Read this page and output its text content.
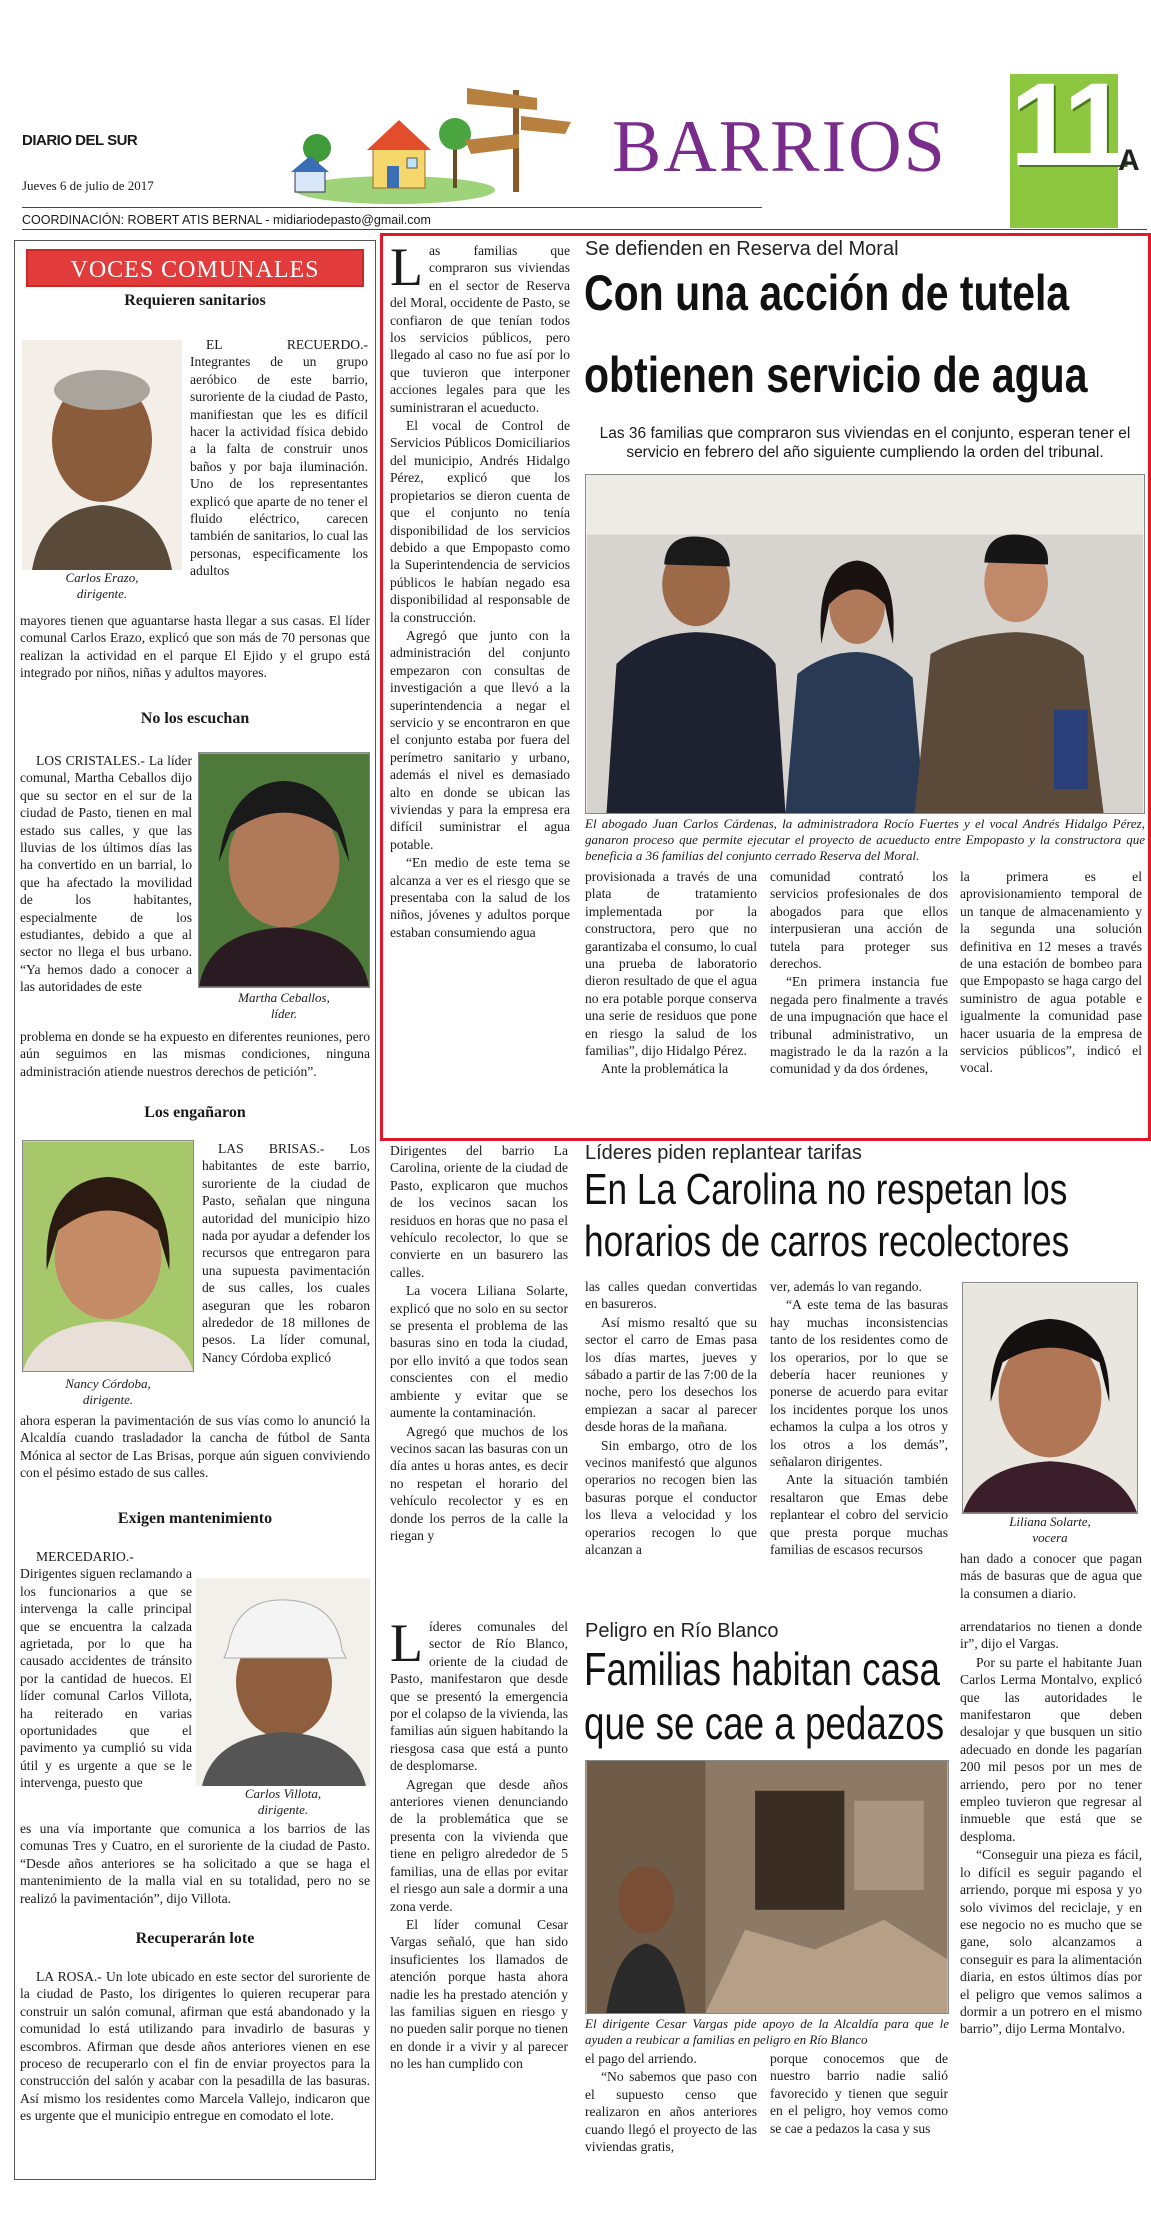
DIARIO DEL SUR
Jueves 6 de julio de 2017
COORDINACIÓN: ROBERT ATIS BERNAL - midiariodepasto@gmail.com
BARRIOS 11
A
VOCES COMUNALES
Requieren sanitarios
Carlos Erazo,
dirigente.

EL RECUERDO.- Integrantes de un grupo aeróbico de este barrio, suroriente de la ciudad de Pasto, manifiestan que les es difícil hacer la actividad física debido a la falta de construir unos baños y por baja iluminación. Uno de los representantes explicó que aparte de no tener el fluido eléctrico, carecen también de sanitarios, lo cual las personas, especificamente los adultos

mayores tienen que aguantarse hasta llegar a sus casas. El líder comunal Carlos Erazo, explicó que son más de 70 personas que realizan la actividad en el parque El Ejido y el grupo está integrado por niños, niñas y adultos mayores.

No los escuchan

LOS CRISTALES.- La líder comunal, Martha Ceballos dijo que su sector en el sur de la ciudad de Pasto, tienen en mal estado sus calles, y que las lluvias de los últimos días las ha convertido en un barrial, lo que ha afectado la movilidad de los habitantes, especialmente de los estudiantes, debido a que al sector no llega el bus urbano. “Ya hemos dado a conocer a las autoridades de este

Martha Ceballos,
líder.

problema en donde se ha expuesto en diferentes reuniones, pero aún seguimos en las mismas condiciones, ninguna administración atiende nuestros derechos de petición”.

Los engañaron
Nancy Córdoba,
dirigente.

LAS BRISAS.- Los habitantes de este barrio, suroriente de la ciudad de Pasto, señalan que ninguna autoridad del municipio hizo nada por ayudar a defender los recursos que entregaron para una supuesta pavimentación de sus calles, los cuales aseguran que les robaron alrededor de 18 millones de pesos. La líder comunal, Nancy Córdoba explicó

ahora esperan la pavimentación de sus vías como lo anunció la Alcaldía cuando trasladador la cancha de fútbol de Santa Mónica al sector de Las Brisas, porque aún siguen conviviendo con el pésimo estado de sus calles.

Exigen mantenimiento

MERCEDARIO.- Dirigentes siguen reclamando a los funcionarios a que se intervenga la calle principal que se encuentra la calzada agrietada, por lo que ha causado accidentes de tránsito por la cantidad de huecos. El líder comunal Carlos Villota, ha reiterado en varias oportunidades que el pavimento ya cumplió su vida útil y es urgente a que se le intervenga, puesto que

Carlos Villota,
dirigente.

es una vía importante que comunica a los barrios de las comunas Tres y Cuatro, en el suroriente de la ciudad de Pasto. “Desde años anteriores se ha solicitado a que se haga el mantenimiento de la malla vial en su totalidad, pero no se realizó la pavimentación”, dijo Villota.

Recuperarán lote

LA ROSA.- Un lote ubicado en este sector del suroriente de la ciudad de Pasto, los dirigentes lo quieren recuperar para construir un salón comunal, afirman que está abandonado y la comunidad lo está utilizando para invadirlo de basuras y escombros. Afirman que desde años anteriores vienen en ese proceso de recuperarlo con el fin de enviar proyectos para la construcción del salón y acabar con la pesadilla de las basuras. Así mismo los residentes como Marcela Vallejo, indicaron que es urgente que el municipio entregue en comodato el lote.

Las familias que compraron sus viviendas en el sector de Reserva del Moral, occidente de Pasto, se confiaron de que tenían todos los servicios públicos, pero llegado al caso no fue así por lo que tuvieron que interponer acciones legales para que les suministraran el acueducto.

El vocal de Control de Servicios Públicos Domiciliarios del municipio, Andrés Hidalgo Pérez, explicó que los propietarios se dieron cuenta de que el conjunto no tenía disponibilidad de los servicios debido a que Empopasto como la Superintendencia de servicios públicos le habían negado esa disponibilidad al responsable de la construcción.

Agregó que junto con la administración del conjunto empezaron con consultas de investigación a que llevó a la superintendencia a negar el servicio y se encontraron en que el conjunto estaba por fuera del perímetro sanitario y urbano, además el nivel es demasiado alto en donde se ubican las viviendas y para la empresa era difícil suministrar el agua potable.

“En medio de este tema se alcanza a ver es el riesgo que se presentaba con la salud de los niños, jóvenes y adultos porque estaban consumiendo agua

Se defienden en Reserva del Moral
Con una acción de tutela
obtienen servicio de agua
Las 36 familias que compraron sus viviendas en el conjunto, esperan tener el servicio en febrero del año siguiente cumpliendo la orden del tribunal.
El abogado Juan Carlos Cárdenas, la administradora Rocío Fuertes y el vocal Andrés Hidalgo Pérez, ganaron proceso que permite ejecutar el proyecto de acueducto entre Empopasto y la constructora que beneficia a 36 familias del conjunto cerrado Reserva del Moral.

provisionada a través de una plata de tratamiento implementada por la constructora, pero que no garantizaba el consumo, lo cual una prueba de laboratorio dieron resultado de que el agua no era potable porque conserva una serie de residuos que pone en riesgo la salud de los familias”, dijo Hidalgo Pérez.

Ante la problemática la

comunidad contrató los servicios profesionales de dos abogados para que ellos interpusieran una acción de tutela para proteger sus derechos.

“En primera instancia fue negada pero finalmente a través de una impugnación que hace el tribunal administrativo, un magistrado le da la razón a la comunidad y da dos órdenes,

la primera es el aprovisionamiento temporal de un tanque de almacenamiento y la segunda una solución definitiva en 12 meses a través de una estación de bombeo para que Empopasto se haga cargo del suministro de agua potable e igualmente la comunidad pase hacer usuaria de la empresa de servicios públicos”, indicó el vocal.

Dirigentes del barrio La Carolina, oriente de la ciudad de Pasto, explicaron que muchos de los vecinos sacan los residuos en horas que no pasa el vehículo recolector, lo que se convierte en un basurero las calles.

La vocera Liliana Solarte, explicó que no solo en su sector se presenta el problema de las basuras sino en toda la ciudad, por ello invitó a que todos sean conscientes con el medio ambiente y evitar que se aumente la contaminación.

Agregó que muchos de los vecinos sacan las basuras con un día antes u horas antes, es decir no respetan el horario del vehículo recolector y es en donde los perros de la calle la riegan y

Líderes piden replantear tarifas
En La Carolina no respetan los
horarios de carros recolectores

las calles quedan convertidas en basureros.

Así mismo resaltó que su sector el carro de Emas pasa los días martes, jueves y sábado a partir de las 7:00 de la noche, pero los desechos los empiezan a sacar al parecer desde horas de la mañana.

Sin embargo, otro de los vecinos manifestó que algunos operarios no recogen bien las basuras porque el conductor los lleva a velocidad y los operarios recogen lo que alcanzan a

ver, además lo van regando.

“A este tema de las basuras hay muchas inconsistencias tanto de los residentes como de los operarios, por lo que se debería hacer reuniones y ponerse de acuerdo para evitar los incidentes porque los unos echamos la culpa a los otros y los otros a los demás”, señalaron dirigentes.

Ante la situación también resaltaron que Emas debe replantear el cobro del servicio que presta porque muchas familias de escasos recursos

Liliana Solarte,
vocera

han dado a conocer que pagan más de basuras que de agua que la consumen a diario.

Líderes comunales del sector de Río Blanco, oriente de la ciudad de Pasto, manifestaron que desde que se presentó la emergencia por el colapso de la vivienda, las familias aún siguen habitando la riesgosa casa que está a punto de desplomarse.

Agregan que desde años anteriores vienen denunciando de la problemática que se presenta con la vivienda que tiene en peligro alrededor de 5 familias, una de ellas por evitar el riesgo aun sale a dormir a una zona verde.

El líder comunal Cesar Vargas señaló, que han sido insuficientes los llamados de atención porque hasta ahora nadie les ha prestado atención y las familias siguen en riesgo y no pueden salir porque no tienen en donde ir a vivir y al parecer no les han cumplido con

Peligro en Río Blanco
Familias habitan casa
que se cae a pedazos
El dirigente Cesar Vargas pide apoyo de la Alcaldía para que le ayuden a reubicar a familias en peligro en Río Blanco

el pago del arriendo.

“No sabemos que paso con el supuesto censo que realizaron en años anteriores cuando llegó el proyecto de las viviendas gratis,

porque conocemos que de nuestro barrio nadie salió favorecido y tienen que seguir en el peligro, hoy vemos como se cae a pedazos la casa y sus

arrendatarios no tienen a donde ir”, dijo el Vargas.

Por su parte el habitante Juan Carlos Lerma Montalvo, explicó que las autoridades le manifestaron que deben desalojar y que busquen un sitio adecuado en donde les pagarían 200 mil pesos por un mes de arriendo, pero por no tener empleo tuvieron que regresar al inmueble que está que se desploma.

“Conseguir una pieza es fácil, lo difícil es seguir pagando el arriendo, porque mi esposa y yo solo vivimos del reciclaje, y en ese negocio no es mucho que se gane, solo alcanzamos a conseguir es para la alimentación diaria, en estos últimos días por el peligro que vemos salimos a dormir a un potrero en el mismo barrio”, dijo Lerma Montalvo.
